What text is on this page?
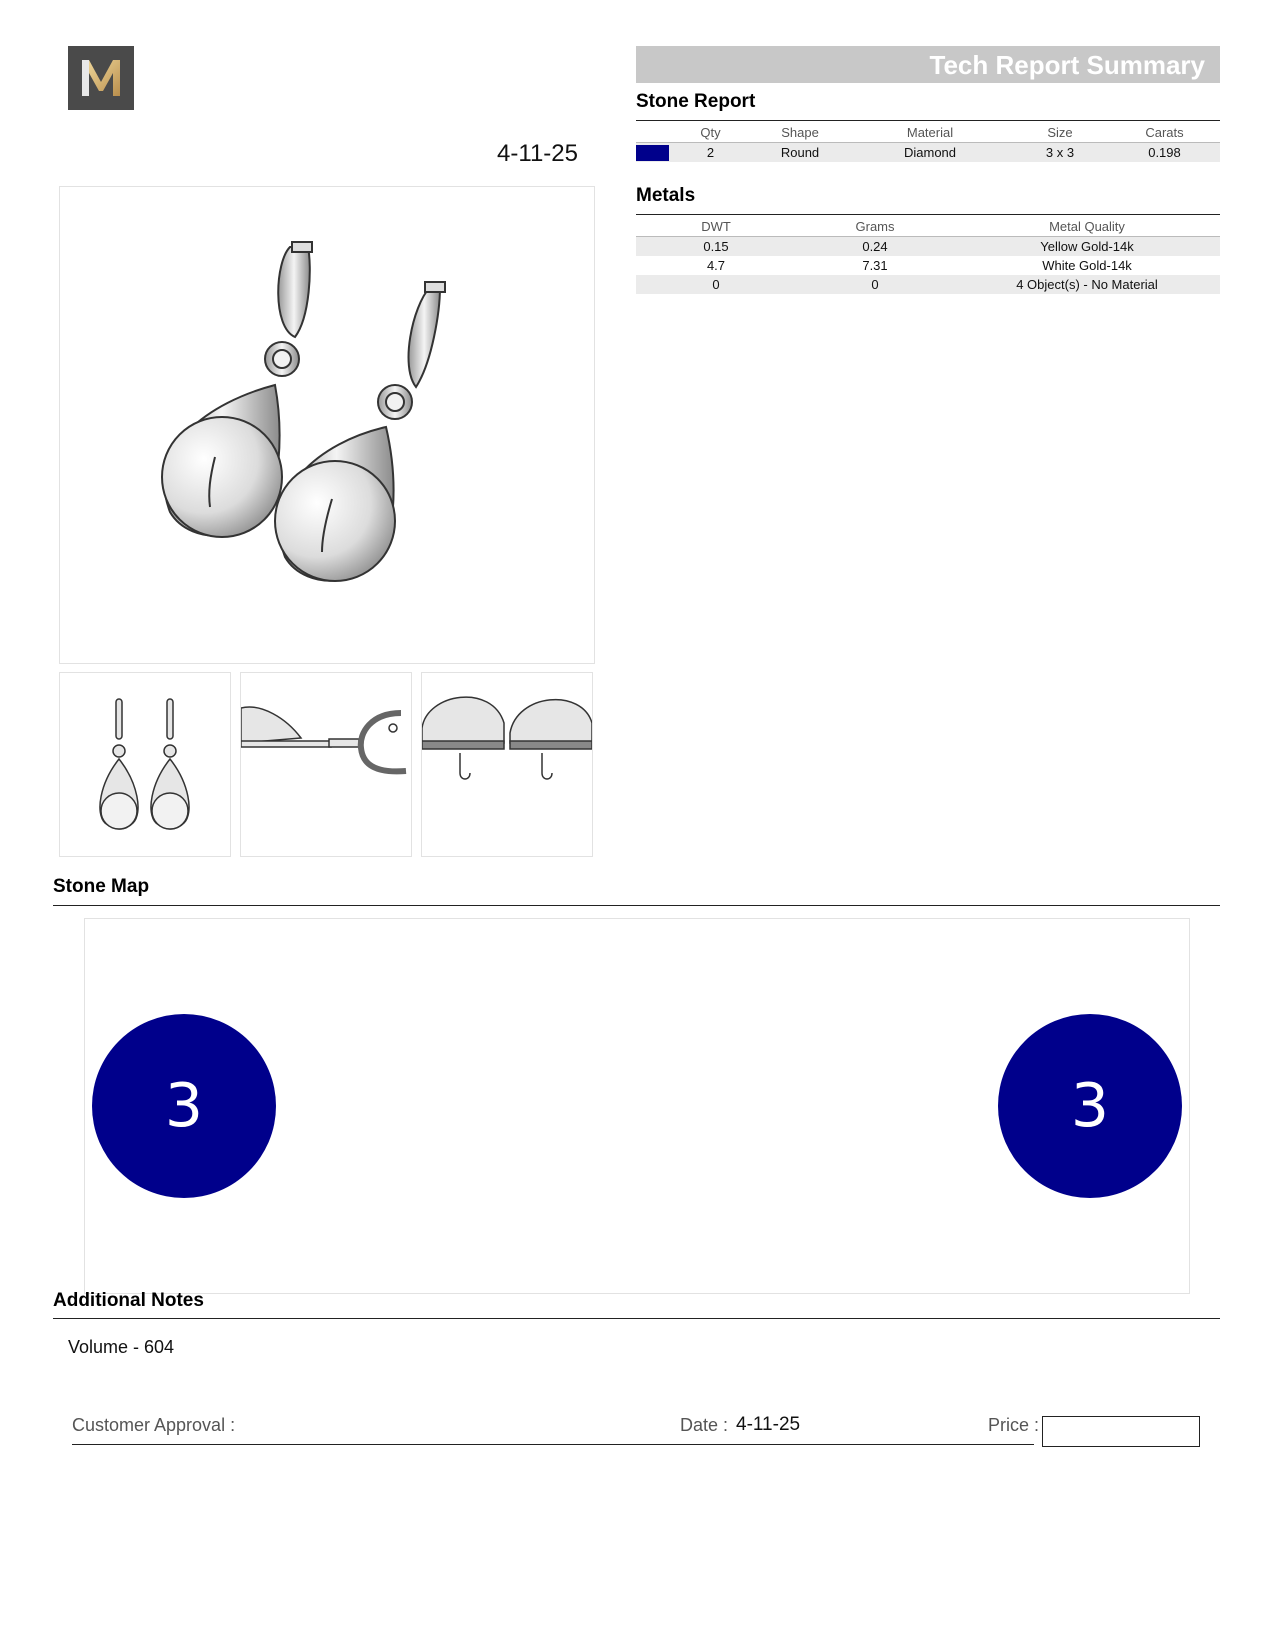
4-11-25
Tech Report Summary
Stone Report
	Qty	Shape	Material	Size	Carats

	2	Round	Diamond	3 x 3	0.198
Metals
DWT	Grams	Metal Quality
0.15	0.24	Yellow Gold-14k
4.7	7.31	White Gold-14k
0	0	4 Object(s) - No Material
Stone Map
3	3
Additional Notes
Volume - 604
Customer Approval :	Date : 4-11-25	Price :
